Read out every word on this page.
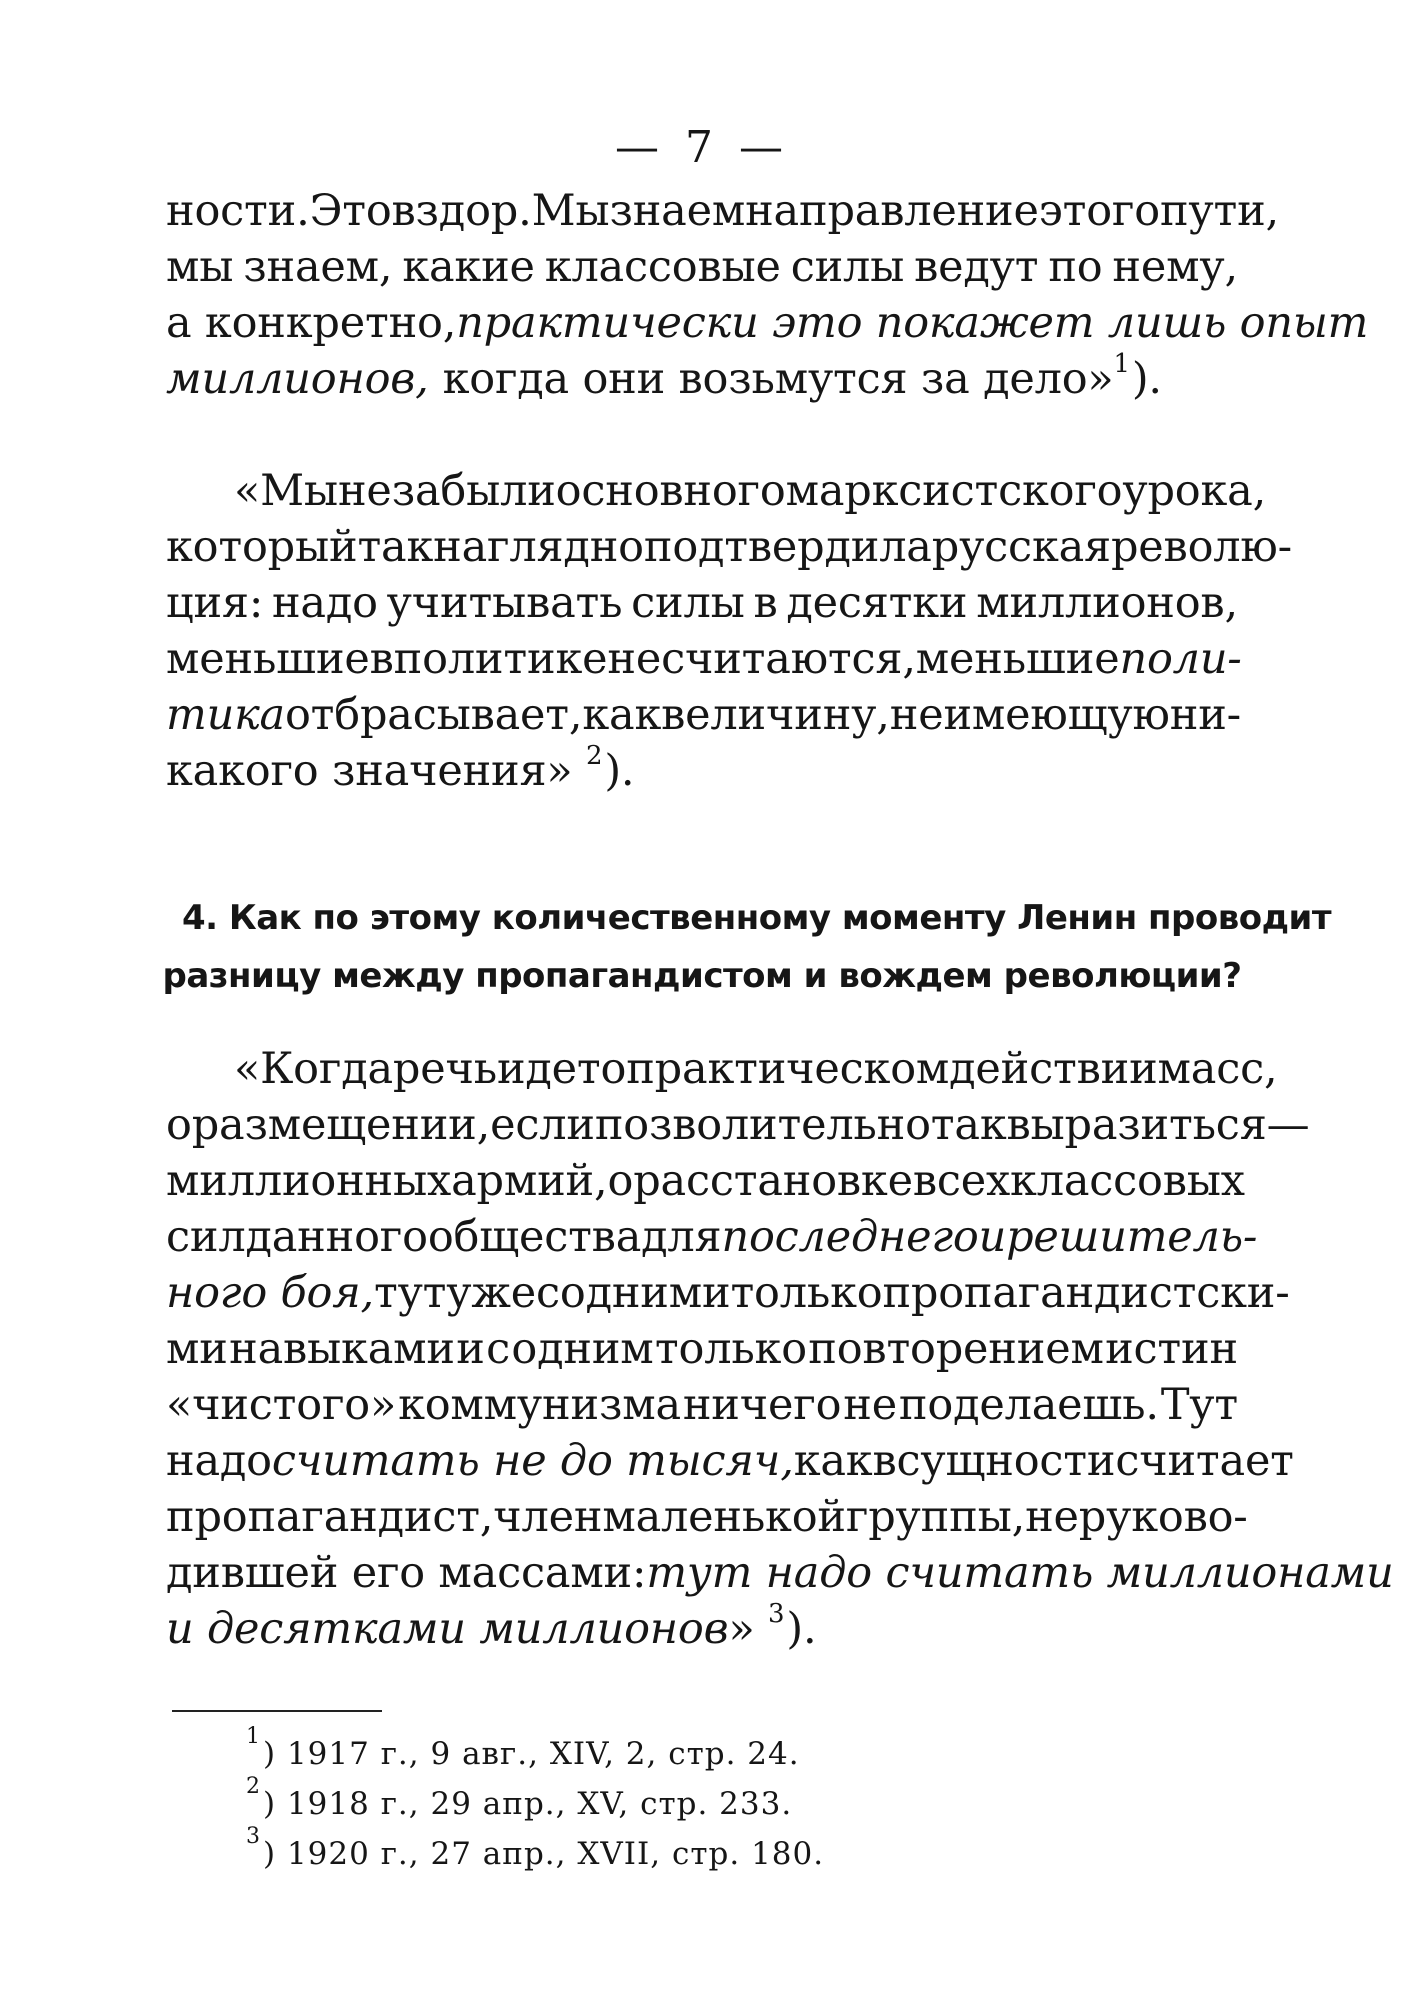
— 7 —
ности. Это вздор. Мы знаем направление этого пути,
мы знаем, какие классовые силы ведут по нему,
а конкретно, практически это покажет лишь опыт
миллионов, когда они возьмутся за дело»$^1$).
«Мы не забыли основного марксистского урока,
который так наглядно подтвердила русская револю-
ция: надо учитывать силы в десятки миллионов,
меньшие в политике не считаются, меньшие поли-
тика отбрасывает, как величину, не имеющую ни-
какого значения» $^2$).
4. Как по этому количественному моменту Ленин проводит
разницу между пропагандистом и вождем революции?
«Когда речь идет о практическом действии масс,
о размещении, если позволительно так выразиться—
миллионных армий, о расстановке всех классовых
сил данного общества для последнего и решитель-
ного боя, тут уже с одними только пропагандистски-
ми навыками и с одним только повторением истин
«чистого» коммунизма ничего не поделаешь. Тут
надо считать не до тысяч, как в сущности считает
пропагандист, член маленькой группы, не руково-
дившей его массами: тут надо считать миллионами
и десятками миллионов» $^3$).
$^1$) 1917 г., 9 авг., XIV, 2, стр. 24.
$^2$) 1918 г., 29 апр., XV, стр. 233.
$^3$) 1920 г., 27 апр., XVII, стр. 180.
